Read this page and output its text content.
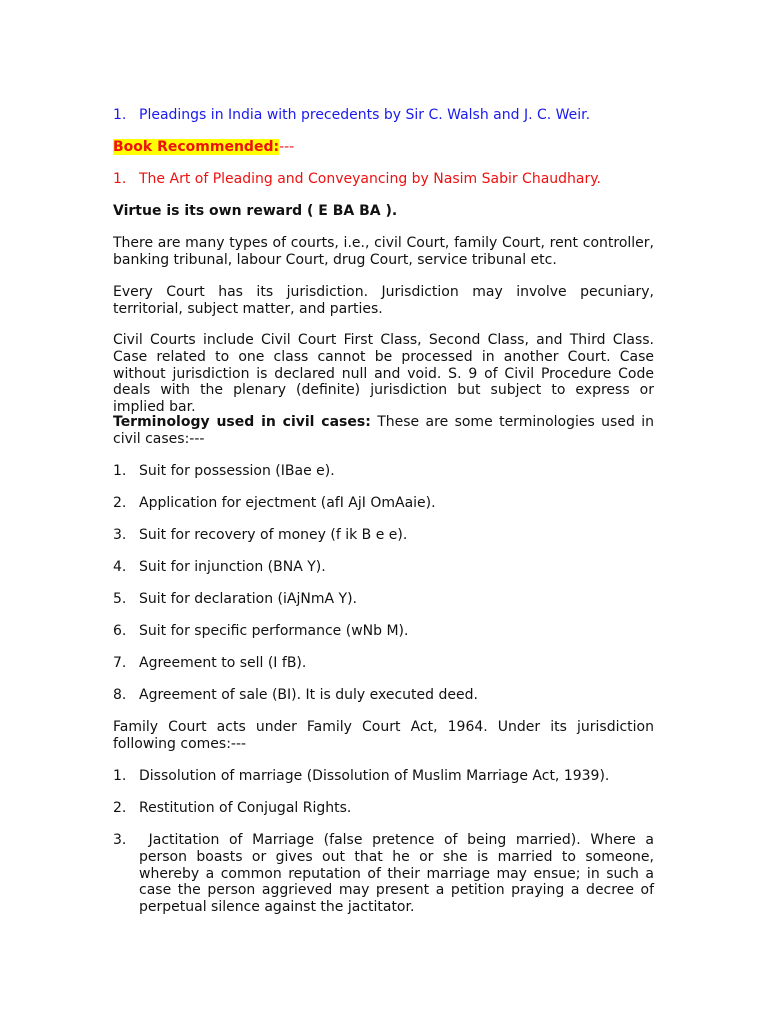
1. Pleadings in India with precedents by Sir C. Walsh and J. C. Weir.

Book Recommended:---

1. The Art of Pleading and Conveyancing by Nasim Sabir Chaudhary.

Virtue is its own reward ( E BA BA ).

There are many types of courts, i.e., civil Court, family Court, rent controller, banking tribunal, labour Court, drug Court, service tribunal etc.

Every Court has its jurisdiction. Jurisdiction may involve pecuniary, territorial, subject matter, and parties.

Civil Courts include Civil Court First Class, Second Class, and Third Class. Case related to one class cannot be processed in another Court. Case without jurisdiction is declared null and void. S. 9 of Civil Procedure Code deals with the plenary (definite) jurisdiction but subject to express or implied bar.

Terminology used in civil cases: These are some terminologies used in civil cases:---

1. Suit for possession (IBae e).
2. Application for ejectment (afI AjI OmAaie).
3. Suit for recovery of money (f ik B e e).
4. Suit for injunction (BNA Y).
5. Suit for declaration (iAjNmA Y).
6. Suit for specific performance (wNb M).
7. Agreement to sell (I fB).
8. Agreement of sale (BI). It is duly executed deed.

Family Court acts under Family Court Act, 1964. Under its jurisdiction following comes:---

1. Dissolution of marriage (Dissolution of Muslim Marriage Act, 1939).
2. Restitution of Conjugal Rights.
3. Jactitation of Marriage (false pretence of being married). Where a person boasts or gives out that he or she is married to someone, whereby a common reputation of their marriage may ensue; in such a case the person aggrieved may present a petition praying a decree of perpetual silence against the jactitator.
